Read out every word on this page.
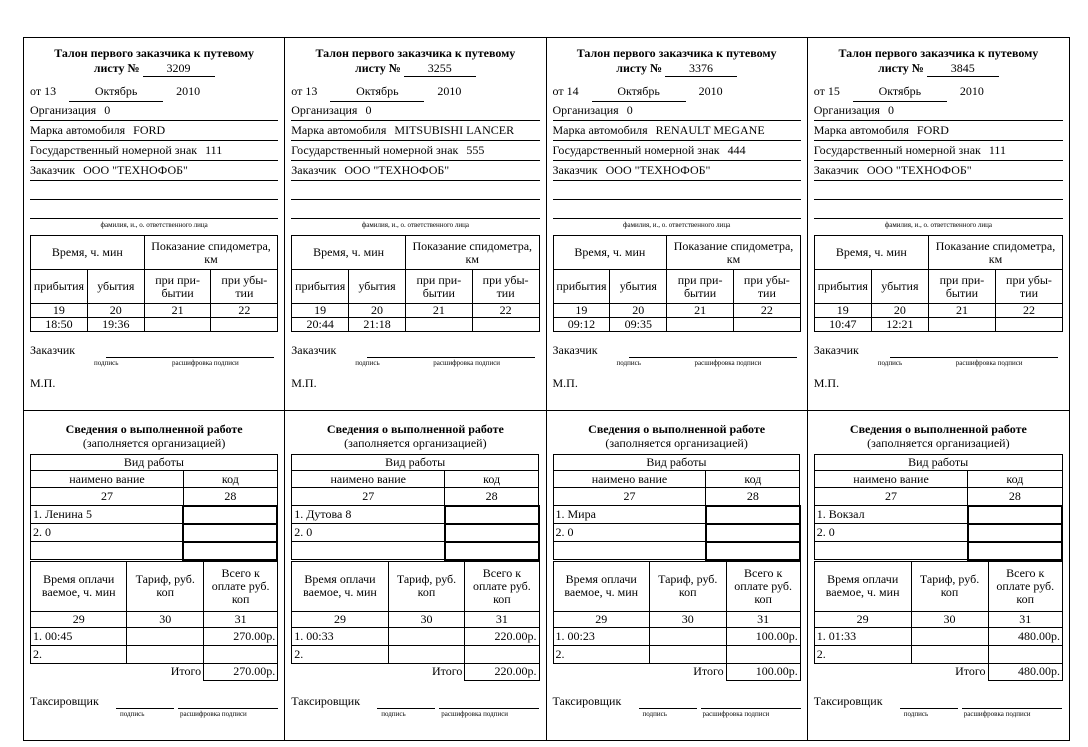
Талон первого заказчика к путевому
листу № 3209
от 13	Октябрь	2010
Организация 0
Марка автомобиля FORD
Государственный номерной знак 111
Заказчик ООО "ТЕХНОФОБ"
фамилия, и., о. ответственного лица
Время, ч. мин		Показание спидометра, км	
прибытия	убытия	при при- бытии	при убы- тии
19	20	21	22
18:50	19:36		
Заказчик
подпись	расшифровка подписи
М.П.
Сведения о выполненной работе
(заполняется организацией)
Вид работы	
наимено вание	код
27	28
1. Ленина 5	
2. 0	

Время оплачи ваемое, ч. мин	Тариф, руб. коп	Всего к оплате руб. коп
29	30	31
1. 00:45		270.00р.
2.		
	Итого	270.00р.
Таксировщик
подпись	расшифровка подписи
Талон первого заказчика к путевому
листу № 3255
от 13	Октябрь	2010
Организация 0
Марка автомобиля MITSUBISHI LANCER
Государственный номерной знак 555
Заказчик ООО "ТЕХНОФОБ"
фамилия, и., о. ответственного лица
Время, ч. мин		Показание спидометра, км	
прибытия	убытия	при при- бытии	при убы- тии
19	20	21	22
20:44	21:18		
Заказчик
подпись	расшифровка подписи
М.П.
Сведения о выполненной работе
(заполняется организацией)
Вид работы	
наимено вание	код
27	28
1. Дутова 8	
2. 0	

Время оплачи ваемое, ч. мин	Тариф, руб. коп	Всего к оплате руб. коп
29	30	31
1. 00:33		220.00р.
2.		
	Итого	220.00р.
Таксировщик
подпись	расшифровка подписи
Талон первого заказчика к путевому
листу № 3376
от 14	Октябрь	2010
Организация 0
Марка автомобиля RENAULT MEGANE
Государственный номерной знак 444
Заказчик ООО "ТЕХНОФОБ"
фамилия, и., о. ответственного лица
Время, ч. мин		Показание спидометра, км	
прибытия	убытия	при при- бытии	при убы- тии
19	20	21	22
09:12	09:35		
Заказчик
подпись	расшифровка подписи
М.П.
Сведения о выполненной работе
(заполняется организацией)
Вид работы	
наимено вание	код
27	28
1. Мира	
2. 0	

Время оплачи ваемое, ч. мин	Тариф, руб. коп	Всего к оплате руб. коп
29	30	31
1. 00:23		100.00р.
2.		
	Итого	100.00р.
Таксировщик
подпись	расшифровка подписи
Талон первого заказчика к путевому
листу № 3845
от 15	Октябрь	2010
Организация 0
Марка автомобиля FORD
Государственный номерной знак 111
Заказчик ООО "ТЕХНОФОБ"
фамилия, и., о. ответственного лица
Время, ч. мин		Показание спидометра, км	
прибытия	убытия	при при- бытии	при убы- тии
19	20	21	22
10:47	12:21		
Заказчик
подпись	расшифровка подписи
М.П.
Сведения о выполненной работе
(заполняется организацией)
Вид работы	
наимено вание	код
27	28
1. Вокзал	
2. 0	

Время оплачи ваемое, ч. мин	Тариф, руб. коп	Всего к оплате руб. коп
29	30	31
1. 01:33		480.00р.
2.		
	Итого	480.00р.
Таксировщик
подпись	расшифровка подписи
